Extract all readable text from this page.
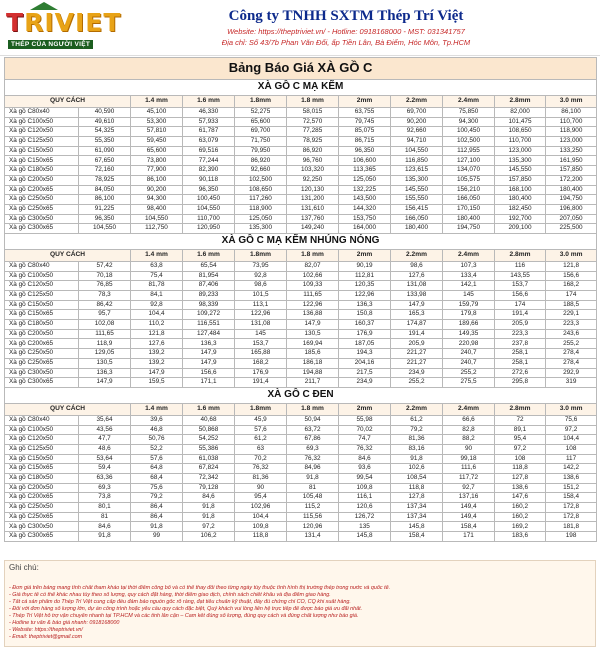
TRIVIET
THÉP CỦA NGƯỜI VIỆT
Công ty TNHH SXTM Thép Trí Việt
Website: https://theptriviet.vn/ - Hotline: 0918168000 - MST: 031341757
Địa chỉ: Số 43/7b Phan Văn Đối, ấp Tiền Lân, Bà Điểm, Hóc Môn, Tp.HCM
Bảng Báo Giá XÀ GỒ C										
XÀ GỒ C MẠ KẼM										
QUY CÁCH		1.4 mm	1.6 mm	1.8mm	1.8 mm	2mm	2.2mm	2.4mm	2.8mm	3.0 mm
Xà gồ C80x40	40,590	45,100	46,330	52,275	58,015	63,755	69,700	75,850	82,000	86,100
Xà gồ C100x50	49,610	53,300	57,933	65,600	72,570	79,745	90,200	94,300	101,475	110,700
Xà gồ C120x50	54,325	57,810	61,787	69,700	77,285	85,075	92,660	100,450	108,650	118,900
Xà gồ C125x50	55,350	59,450	63,079	71,750	78,925	86,715	94,710	102,500	110,700	123,000
Xà gồ C150x50	61,090	65,600	69,516	79,950	86,920	96,350	104,550	112,955	123,000	133,250
Xà gồ C150x65	67,650	73,800	77,244	86,920	96,760	106,600	116,850	127,100	135,300	161,950
Xà gồ C180x50	72,160	77,900	82,390	92,660	103,320	113,365	123,615	134,070	145,550	157,850
Xà gồ C200x50	78,925	86,100	90,118	102,500	92,250	125,050	135,300	105,575	157,850	172,200
Xà gồ C200x65	84,050	90,200	96,350	108,650	120,130	132,225	145,550	156,210	168,100	180,400
Xà gồ C250x50	86,100	94,300	100,450	117,260	131,200	143,500	155,550	166,050	180,400	194,750
Xà gồ C250x65	91,225	98,400	104,550	118,900	131,610	144,320	156,415	170,150	182,450	196,800
Xà gồ C300x50	96,350	104,550	110,700	125,050	137,760	153,750	166,050	180,400	192,700	207,050
Xà gồ C300x65	104,550	112,750	120,950	135,300	149,240	164,000	180,400	194,750	209,100	225,500
XÀ GỒ C MẠ KẼM NHÚNG NÓNG										
QUY CÁCH		1.4 mm	1.6 mm	1.8mm	1.8 mm	2mm	2.2mm	2.4mm	2.8mm	3.0 mm
Xà gồ C80x40	57,42	63,8	65,54	73,95	82,07	90,19	98,6	107,3	116	121,8
Xà gồ C100x50	70,18	75,4	81,954	92,8	102,66	112,81	127,6	133,4	143,55	156,6
Xà gồ C120x50	76,85	81,78	87,406	98,6	109,33	120,35	131,08	142,1	153,7	168,2
Xà gồ C125x50	78,3	84,1	89,233	101,5	111,65	122,96	133,98	145	156,6	174
Xà gồ C150x50	86,42	92,8	98,339	113,1	122,96	136,3	147,9	159,79	174	188,5
Xà gồ C150x65	95,7	104,4	109,272	122,96	136,88	150,8	165,3	179,8	191,4	229,1
Xà gồ C180x50	102,08	110,2	116,551	131,08	147,9	160,37	174,87	189,66	205,9	223,3
Xà gồ C200x50	111,65	121,8	127,484	145	130,5	176,9	191,4	149,35	223,3	243,6
Xà gồ C200x65	118,9	127,6	136,3	153,7	169,94	187,05	205,9	220,98	237,8	255,2
Xà gồ C250x50	129,05	139,2	147,9	165,88	185,6	194,3	221,27	240,7	258,1	278,4
Xà gồ C250x65	130,5	139,2	147,9	168,2	186,18	204,16	221,27	240,7	258,1	278,4
Xà gồ C300x50	136,3	147,9	156,6	176,9	194,88	217,5	234,9	255,2	272,6	292,9
Xà gồ C300x65	147,9	159,5	171,1	191,4	211,7	234,9	255,2	275,5	295,8	319
XÀ GỒ C ĐEN										
QUY CÁCH		1.4 mm	1.6 mm	1.8mm	1.8 mm	2mm	2.2mm	2.4mm	2.8mm	3.0 mm
Xà gồ C80x40	35,64	39,6	40,68	45,9	50,94	55,98	61,2	66,6	72	75,6
Xà gồ C100x50	43,56	46,8	50,868	57,6	63,72	70,02	79,2	82,8	89,1	97,2
Xà gồ C120x50	47,7	50,76	54,252	61,2	67,86	74,7	81,36	88,2	95,4	104,4
Xà gồ C125x50	48,6	52,2	55,386	63	69,3	76,32	83,16	90	97,2	108
Xà gồ C150x50	53,64	57,6	61,038	70,2	76,32	84,6	91,8	99,18	108	117
Xà gồ C150x65	59,4	64,8	67,824	76,32	84,96	93,6	102,6	111,6	118,8	142,2
Xà gồ C180x50	63,36	68,4	72,342	81,36	91,8	99,54	108,54	117,72	127,8	138,6
Xà gồ C200x50	69,3	75,6	79,128	90	81	109,8	118,8	92,7	138,6	151,2
Xà gồ C200x65	73,8	79,2	84,6	95,4	105,48	116,1	127,8	137,16	147,6	158,4
Xà gồ C250x50	80,1	86,4	91,8	102,96	115,2	120,6	137,34	149,4	160,2	172,8
Xà gồ C250x65	81	86,4	91,8	104,4	115,56	126,72	137,34	149,4	160,2	172,8
Xà gồ C300x50	84,6	91,8	97,2	109,8	120,96	135	145,8	158,4	169,2	181,8
Xà gồ C300x65	91,8	99	106,2	118,8	131,4	145,8	158,4	171	183,6	198
Ghi chú:
- Đơn giá trên bảng mang tính chất tham khảo tại thời điểm công bố và có thể thay đổi theo từng ngày tùy thuộc tình hình thị trường thép trong nước và quốc tế.
- Giá thực tế có thể khác nhau tùy theo số lượng, quy cách đặt hàng, thời điểm giao dịch, chính sách chiết khấu và địa điểm giao hàng.
- Tất cả sản phẩm do Thép Trí Việt cung cấp đều đảm bảo nguồn gốc rõ ràng, đạt tiêu chuẩn kỹ thuật, đầy đủ chứng chỉ CO, CQ khi xuất hàng.
- Đối với đơn hàng số lượng lớn, dự án công trình hoặc yêu cầu quy cách đặc biệt, Quý khách vui lòng liên hệ trực tiếp để được báo giá ưu đãi nhất.
- Thép Trí Việt hỗ trợ vận chuyển nhanh tại TP.HCM và các tỉnh lân cận – Cam kết đúng số lượng, đúng quy cách và đúng chất lượng như báo giá.
- Hotline tư vấn & báo giá nhanh: 0918168000
- Website: https://theptriviet.vn/
- Email: theptriviet@gmail.com
